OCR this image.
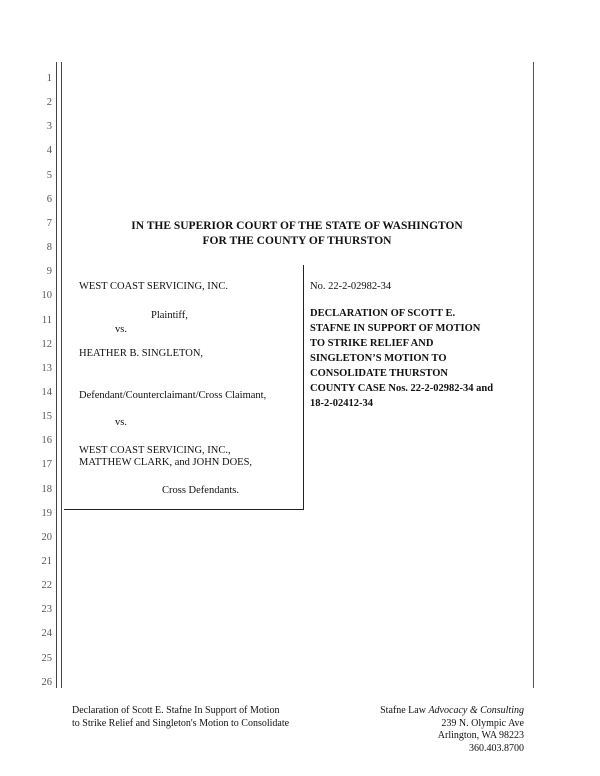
1
2
3
4
5
6
7
8
9
10
11
12
13
14
15
16
17
18
19
20
21
22
23
24
25
26
IN THE SUPERIOR COURT OF THE STATE OF WASHINGTON
FOR THE COUNTY OF THURSTON
WEST COAST SERVICING, INC.
Plaintiff,
vs.
HEATHER B. SINGLETON,
Defendant/Counterclaimant/Cross Claimant,
vs.
WEST COAST SERVICING, INC.,
MATTHEW CLARK, and JOHN DOES,
Cross Defendants.
No. 22-2-02982-34
DECLARATION OF SCOTT E.
STAFNE IN SUPPORT OF MOTION
TO STRIKE RELIEF AND
SINGLETON’S MOTION TO
CONSOLIDATE THURSTON
COUNTY CASE Nos. 22-2-02982-34 and
18-2-02412-34
Declaration of Scott E. Stafne In Support of Motion
to Strike Relief and Singleton's Motion to Consolidate
Stafne Law Advocacy & Consulting
239 N. Olympic Ave
Arlington, WA 98223
360.403.8700
